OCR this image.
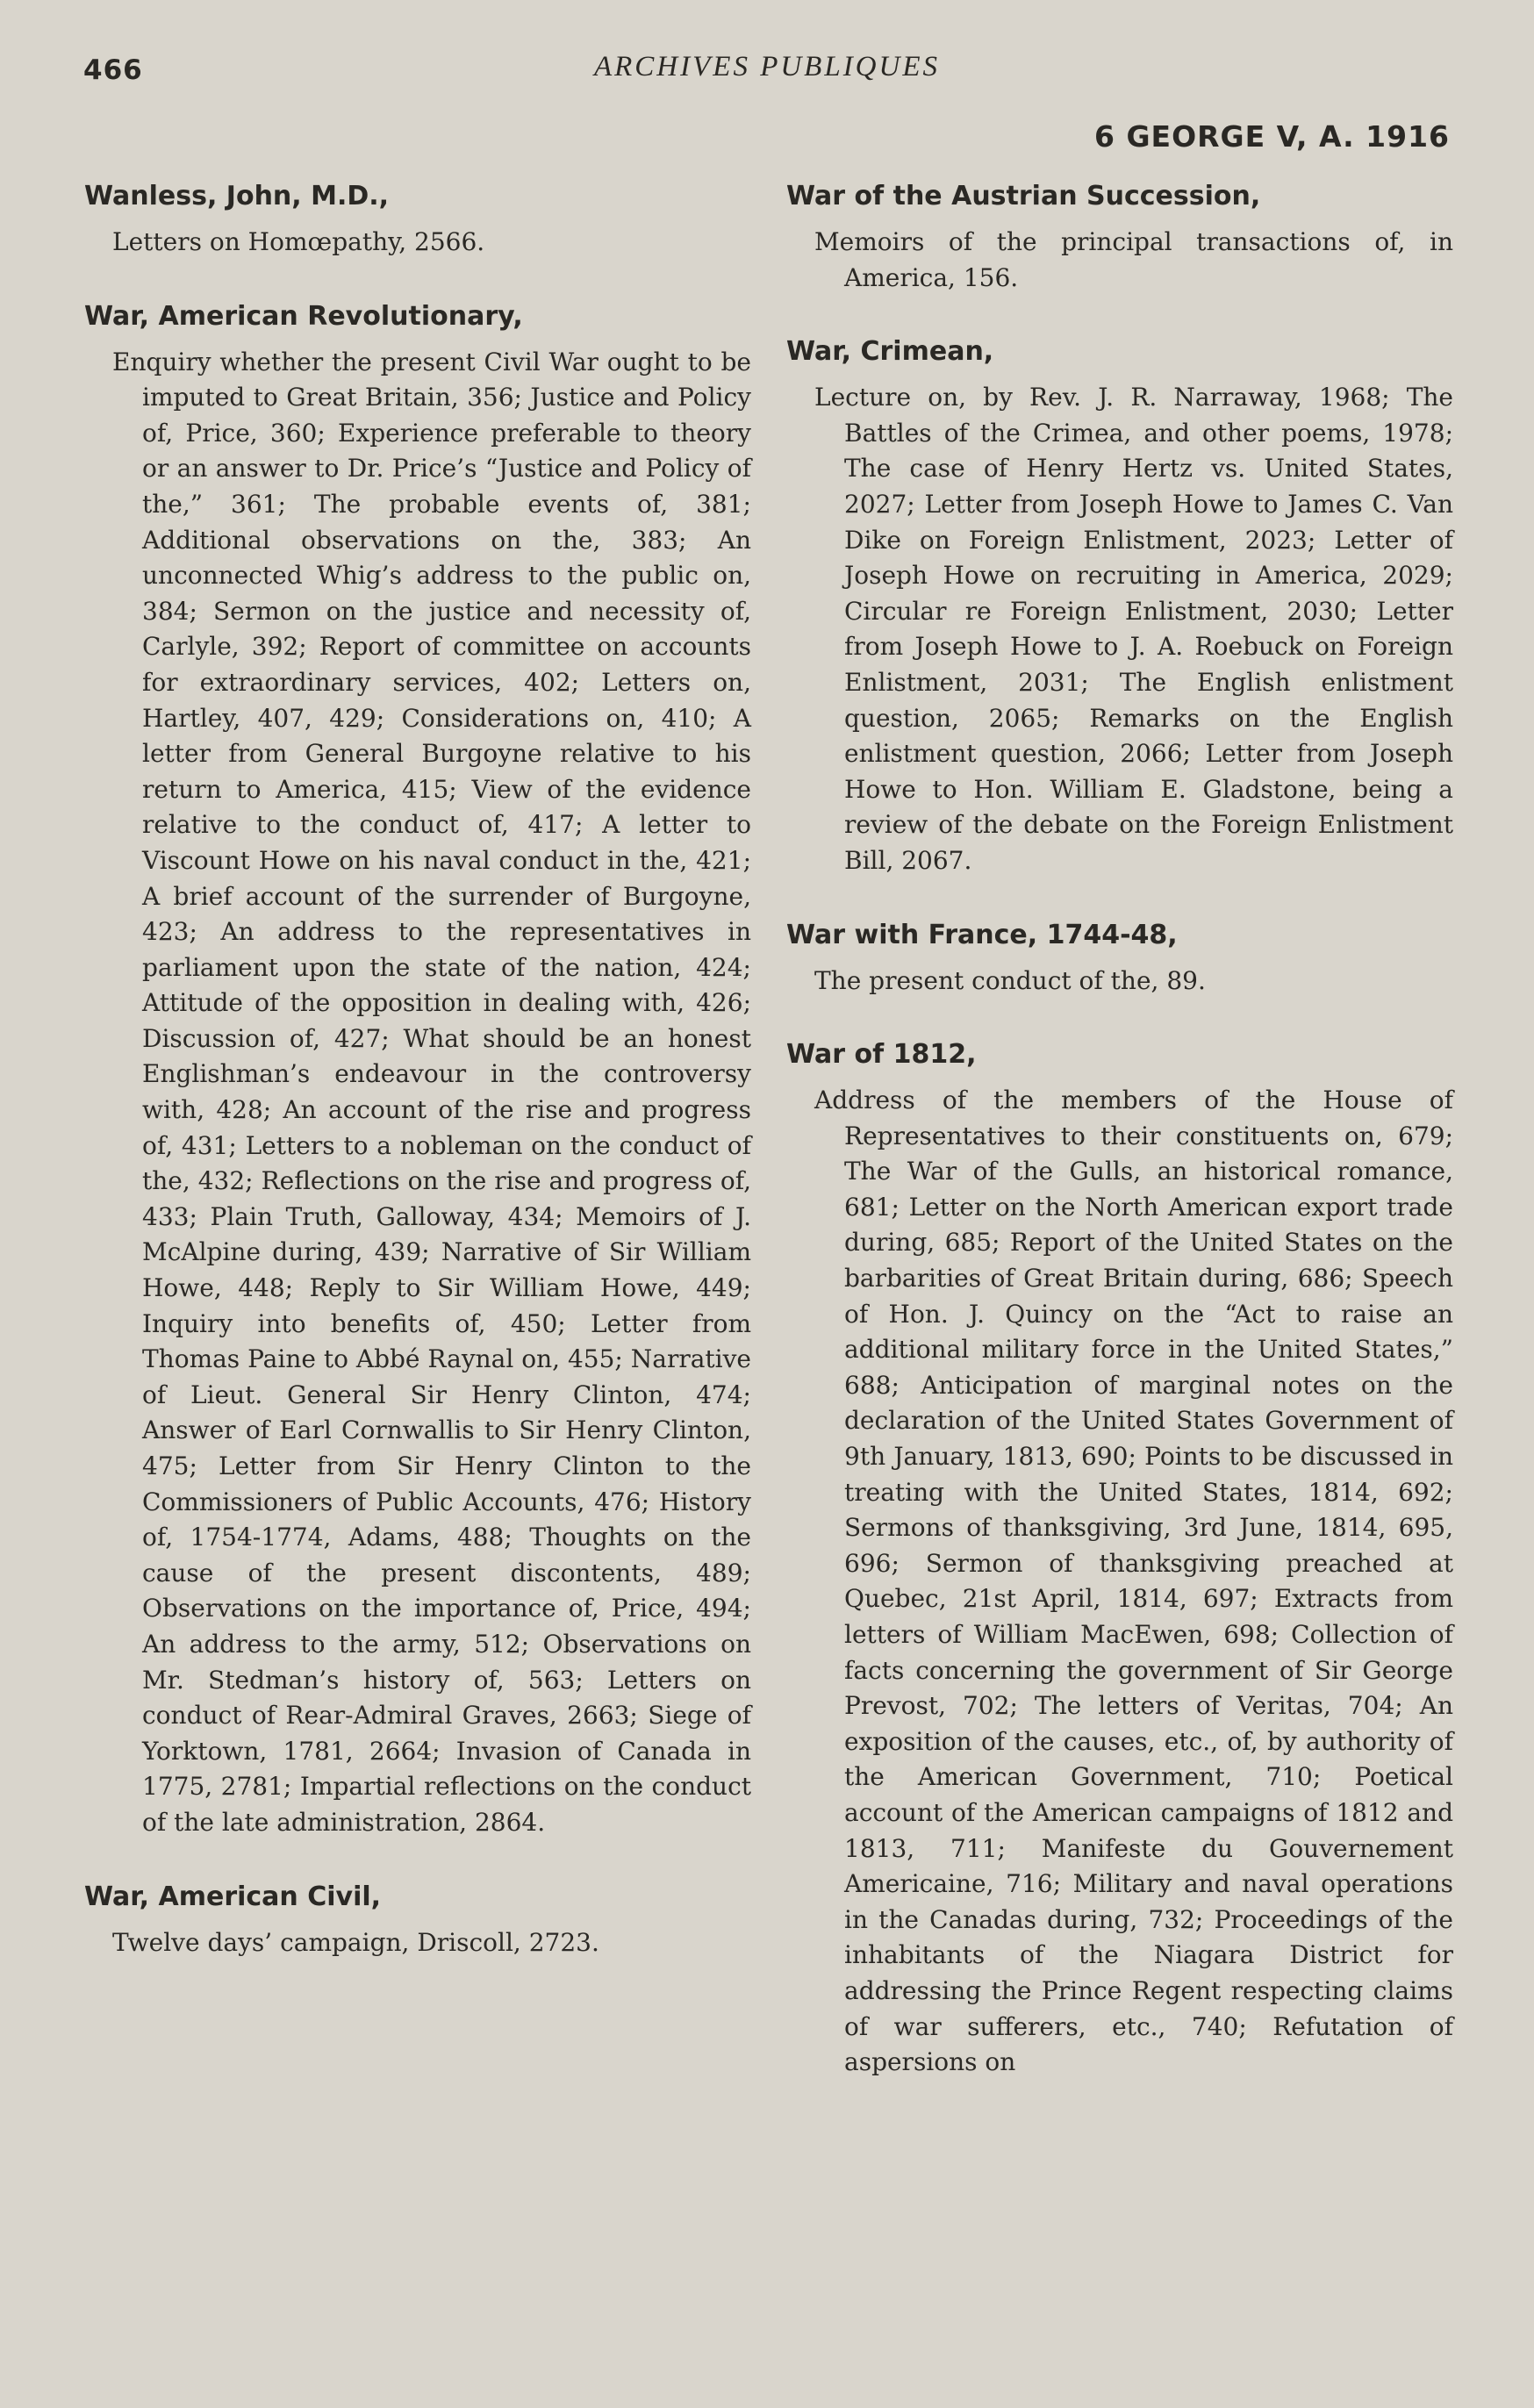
466	ARCHIVES PUBLIQUES
6 GEORGE V, A. 1916

Wanless, John, M.D.,

Letters on Homœpathy, 2566.

War, American Revolutionary,

Enquiry whether the present Civil War ought to be imputed to Great Britain, 356; Justice and Policy of, Price, 360; Experience preferable to theory or an answer to Dr. Price’s “Justice and Policy of the,” 361; The probable events of, 381; Additional observations on the, 383; An unconnected Whig’s address to the public on, 384; Sermon on the justice and necessity of, Carlyle, 392; Report of committee on accounts for extraordinary services, 402; Letters on, Hartley, 407, 429; Considerations on, 410; A letter from General Burgoyne relative to his return to America, 415; View of the evidence relative to the conduct of, 417; A letter to Viscount Howe on his naval conduct in the, 421; A brief account of the surrender of Burgoyne, 423; An address to the representatives in parliament upon the state of the nation, 424; Attitude of the opposition in dealing with, 426; Discussion of, 427; What should be an honest Englishman’s endeavour in the controversy with, 428; An account of the rise and progress of, 431; Letters to a nobleman on the conduct of the, 432; Reflections on the rise and progress of, 433; Plain Truth, Galloway, 434; Memoirs of J. McAlpine during, 439; Narrative of Sir William Howe, 448; Reply to Sir William Howe, 449; Inquiry into benefits of, 450; Letter from Thomas Paine to Abbé Raynal on, 455; Narrative of Lieut. General Sir Henry Clinton, 474; Answer of Earl Cornwallis to Sir Henry Clinton, 475; Letter from Sir Henry Clinton to the Commissioners of Public Accounts, 476; History of, 1754-1774, Adams, 488; Thoughts on the cause of the present discontents, 489; Observations on the importance of, Price, 494; An address to the army, 512; Observations on Mr. Stedman’s history of, 563; Letters on conduct of Rear-Admiral Graves, 2663; Siege of Yorktown, 1781, 2664; Invasion of Canada in 1775, 2781; Impartial reflections on the conduct of the late administration, 2864.

War, American Civil,

Twelve days’ campaign, Driscoll, 2723.

War of the Austrian Succession,

Memoirs of the principal transactions of, in America, 156.

War, Crimean,

Lecture on, by Rev. J. R. Narraway, 1968; The Battles of the Crimea, and other poems, 1978; The case of Henry Hertz vs. United States, 2027; Letter from Joseph Howe to James C. Van Dike on Foreign Enlistment, 2023; Letter of Joseph Howe on recruiting in America, 2029; Circular re Foreign Enlistment, 2030; Letter from Joseph Howe to J. A. Roebuck on Foreign Enlistment, 2031; The English enlistment question, 2065; Remarks on the English enlistment question, 2066; Letter from Joseph Howe to Hon. William E. Gladstone, being a review of the debate on the Foreign Enlistment Bill, 2067.

War with France, 1744-48,

The present conduct of the, 89.

War of 1812,

Address of the members of the House of Representatives to their constituents on, 679; The War of the Gulls, an historical romance, 681; Letter on the North American export trade during, 685; Report of the United States on the barbarities of Great Britain during, 686; Speech of Hon. J. Quincy on the “Act to raise an additional military force in the United States,” 688; Anticipation of marginal notes on the declaration of the United States Government of 9th January, 1813, 690; Points to be discussed in treating with the United States, 1814, 692; Sermons of thanksgiving, 3rd June, 1814, 695, 696; Sermon of thanksgiving preached at Quebec, 21st April, 1814, 697; Extracts from letters of William MacEwen, 698; Collection of facts concerning the government of Sir George Prevost, 702; The letters of Veritas, 704; An exposition of the causes, etc., of, by authority of the American Government, 710; Poetical account of the American campaigns of 1812 and 1813, 711; Manifeste du Gouvernement Americaine, 716; Military and naval operations in the Canadas during, 732; Proceedings of the inhabitants of the Niagara District for addressing the Prince Regent respecting claims of war sufferers, etc., 740; Refutation of aspersions on
